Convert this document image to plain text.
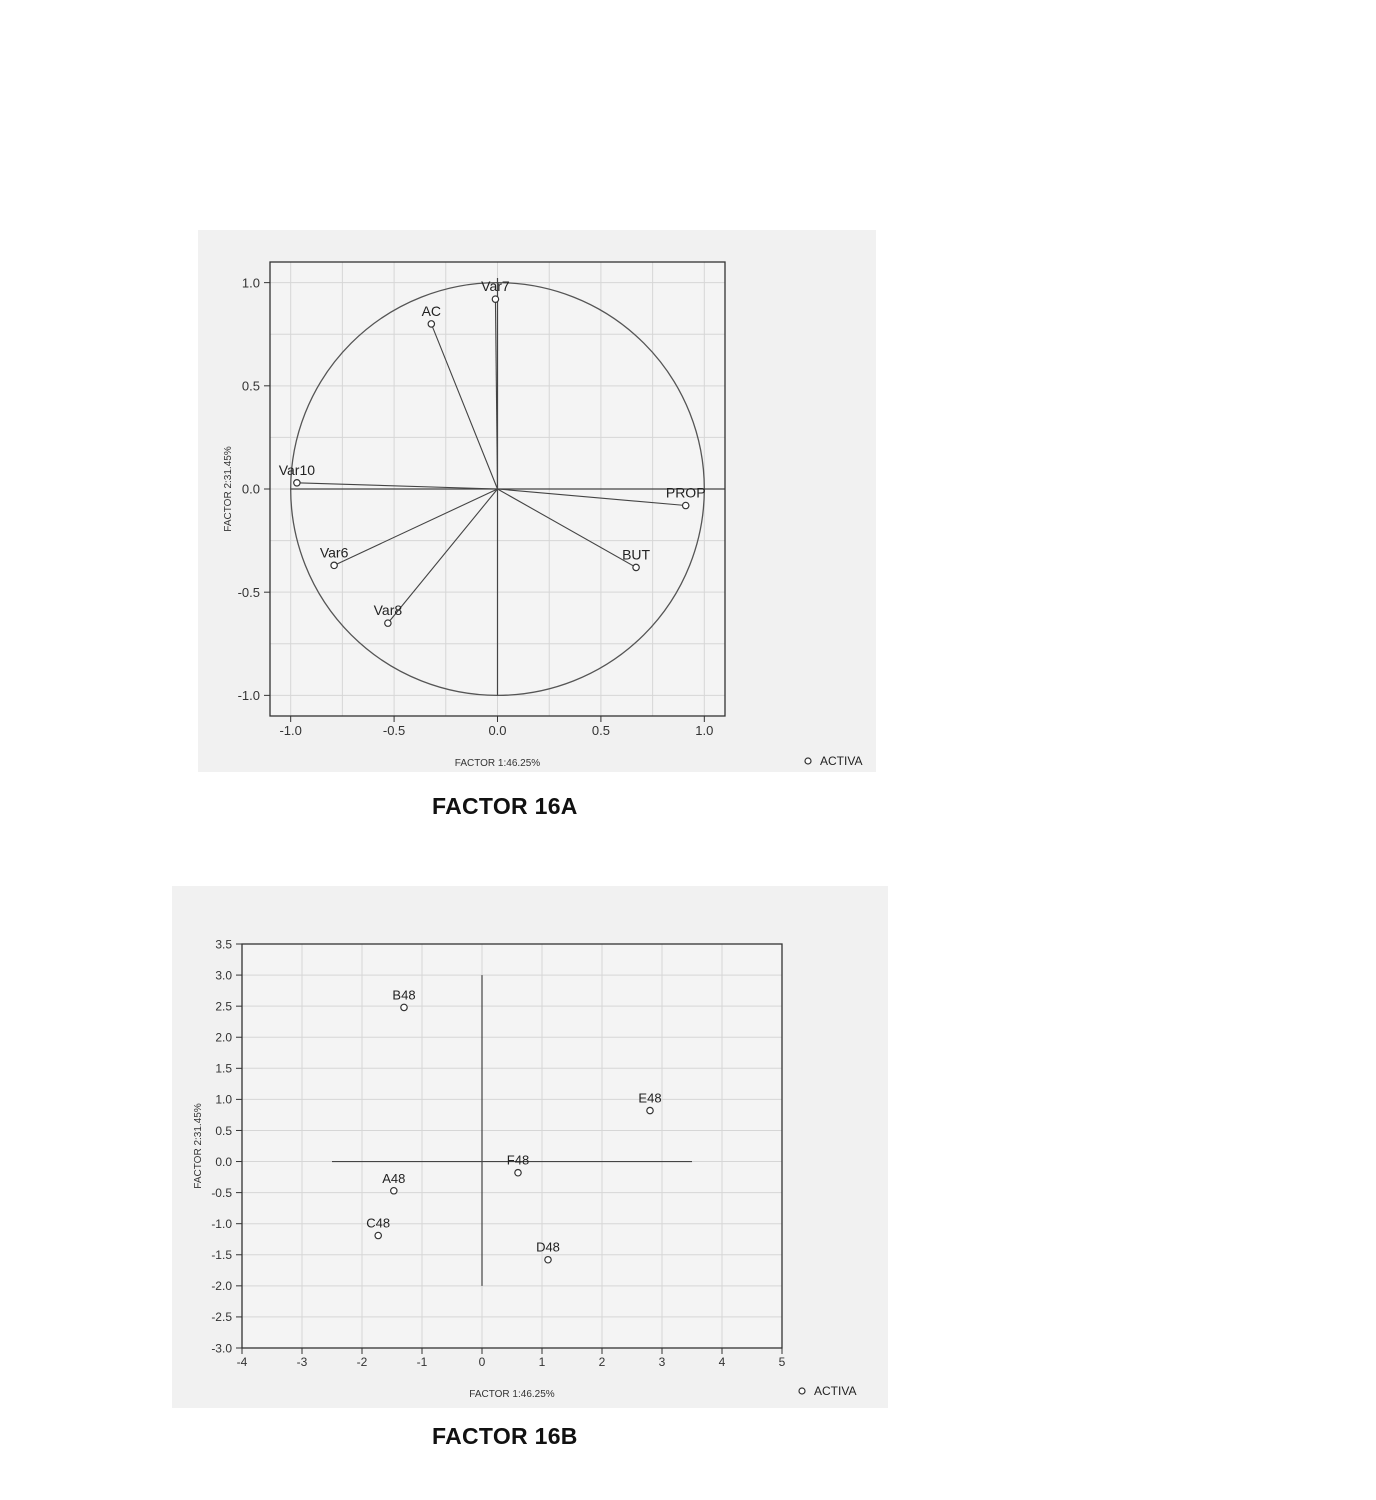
-1.0	-0.5	0.0	0.5	1.0
-1.0
-0.5
0.0
0.5
1.0
FACTOR 1:46.25%
FACTOR 2:31.45%
Var7
AC
Var10
PROP
Var6	BUT
Var8
ACTIVA
FACTOR 16A
-4	-3	-2	-1	0	1	2	3	4	5
-3.0
-2.5
-2.0
-1.5
-1.0
-0.5
0.0
0.5
1.0
1.5
2.0
2.5
3.0
3.5
FACTOR 1:46.25%
FACTOR 2:31.45%
B48
E48
F48
A48
C48
D48
ACTIVA
FACTOR 16B
